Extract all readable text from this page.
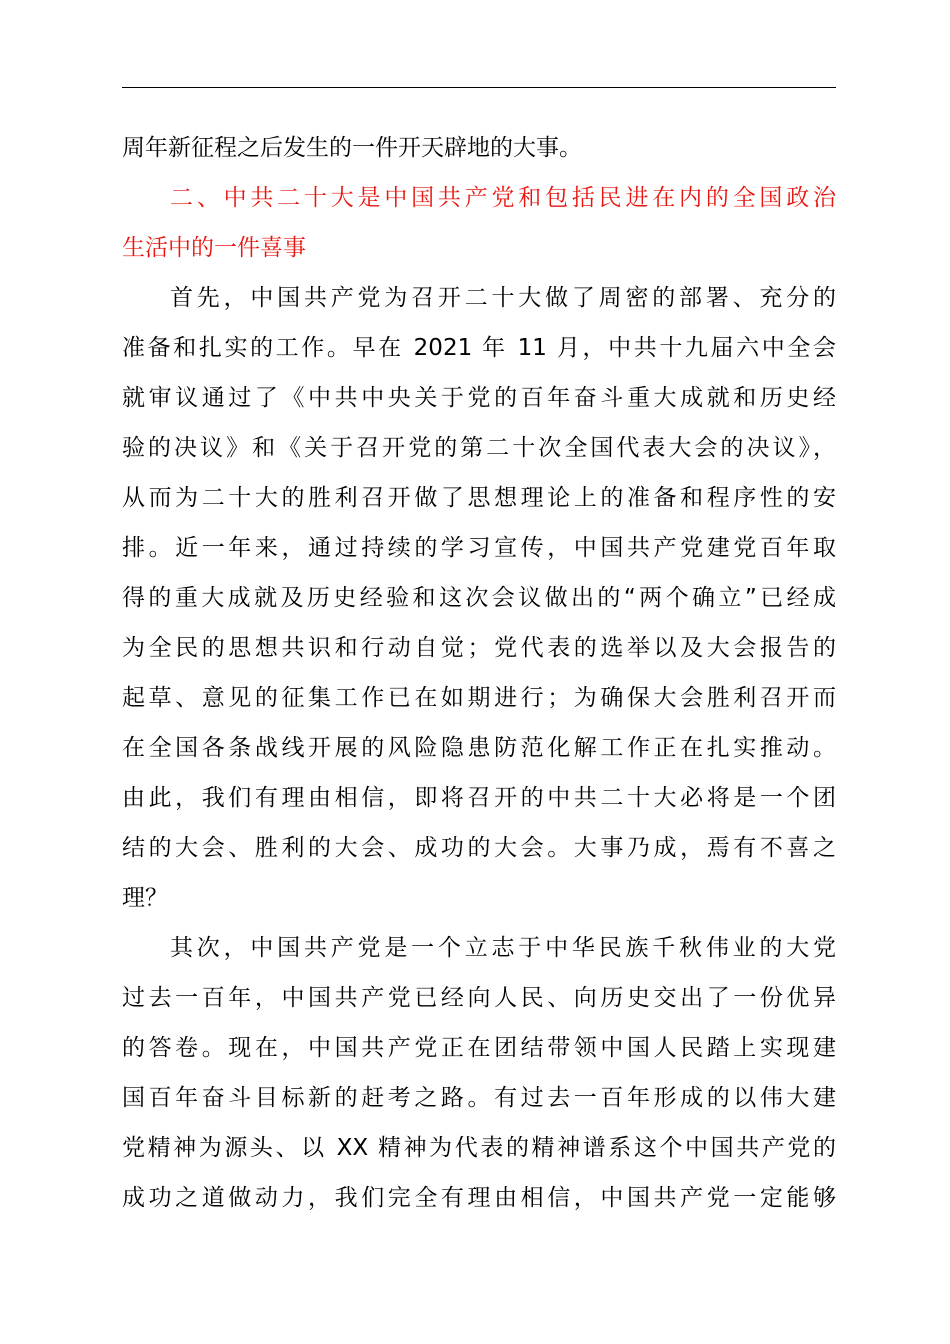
周年新征程之后发生的一件开天辟地的大事。
二、中共二十大是中国共产党和包括民进在内的全国政治
生活中的一件喜事
首先，中国共产党为召开二十大做了周密的部署、充分的
准备和扎实的工作。早在 2021 年 11 月，中共十九届六中全会
就审议通过了《中共中央关于党的百年奋斗重大成就和历史经
验的决议》和《关于召开党的第二十次全国代表大会的决议》，
从而为二十大的胜利召开做了思想理论上的准备和程序性的安
排。近一年来，通过持续的学习宣传，中国共产党建党百年取
得的重大成就及历史经验和这次会议做出的“两个确立”已经成
为全民的思想共识和行动自觉；党代表的选举以及大会报告的
起草、意见的征集工作已在如期进行；为确保大会胜利召开而
在全国各条战线开展的风险隐患防范化解工作正在扎实推动。
由此，我们有理由相信，即将召开的中共二十大必将是一个团
结的大会、胜利的大会、成功的大会。大事乃成，焉有不喜之
理？
其次，中国共产党是一个立志于中华民族千秋伟业的大党
过去一百年，中国共产党已经向人民、向历史交出了一份优异
的答卷。现在，中国共产党正在团结带领中国人民踏上实现建
国百年奋斗目标新的赶考之路。有过去一百年形成的以伟大建
党精神为源头、以 XX 精神为代表的精神谱系这个中国共产党的
成功之道做动力，我们完全有理由相信，中国共产党一定能够
